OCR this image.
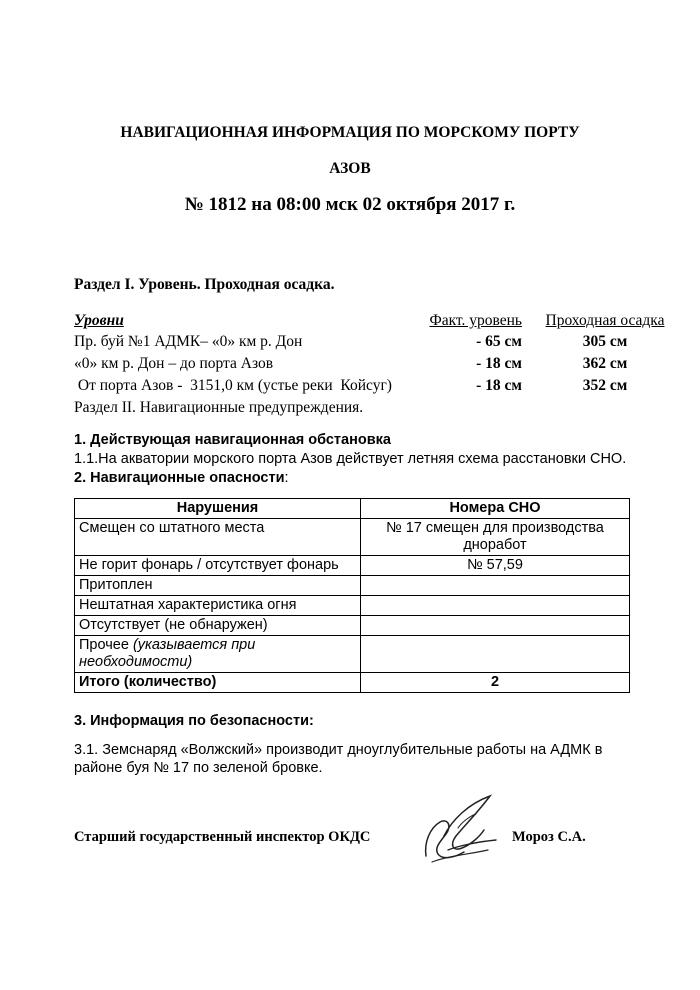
НАВИГАЦИОННАЯ ИНФОРМАЦИЯ ПО МОРСКОМУ ПОРТУ
АЗОВ
№ 1812 на 08:00 мск 02 октября 2017 г.
Раздел I. Уровень. Проходная осадка.
Уровни	Факт. уровень	Проходная осадка
Пр. буй №1 АДМК– «0» км р. Дон	- 65 см	305 см
«0» км р. Дон – до порта Азов	- 18 см	362 см
От порта Азов -  3151,0 км (устье реки  Койсуг)	- 18 см	352 см
Раздел II. Навигационные предупреждения.
1. Действующая навигационная обстановка
1.1.На акватории морского порта Азов действует летняя схема расстановки СНО.
2. Навигационные опасности:
Нарушения	Номера СНО
Смещен со штатного места	№ 17 смещен для производства дноработ
Не горит фонарь / отсутствует фонарь	№ 57,59
Притоплен	
Нештатная характеристика огня	
Отсутствует (не обнаружен)	
Прочее (указывается при необходимости)	
Итого (количество)	2
3. Информация по безопасности:
3.1. Земснаряд «Волжский» производит дноуглубительные работы на АДМК в
районе буя № 17 по зеленой бровке.
Старший государственный инспектор ОКДС	Мороз С.А.
